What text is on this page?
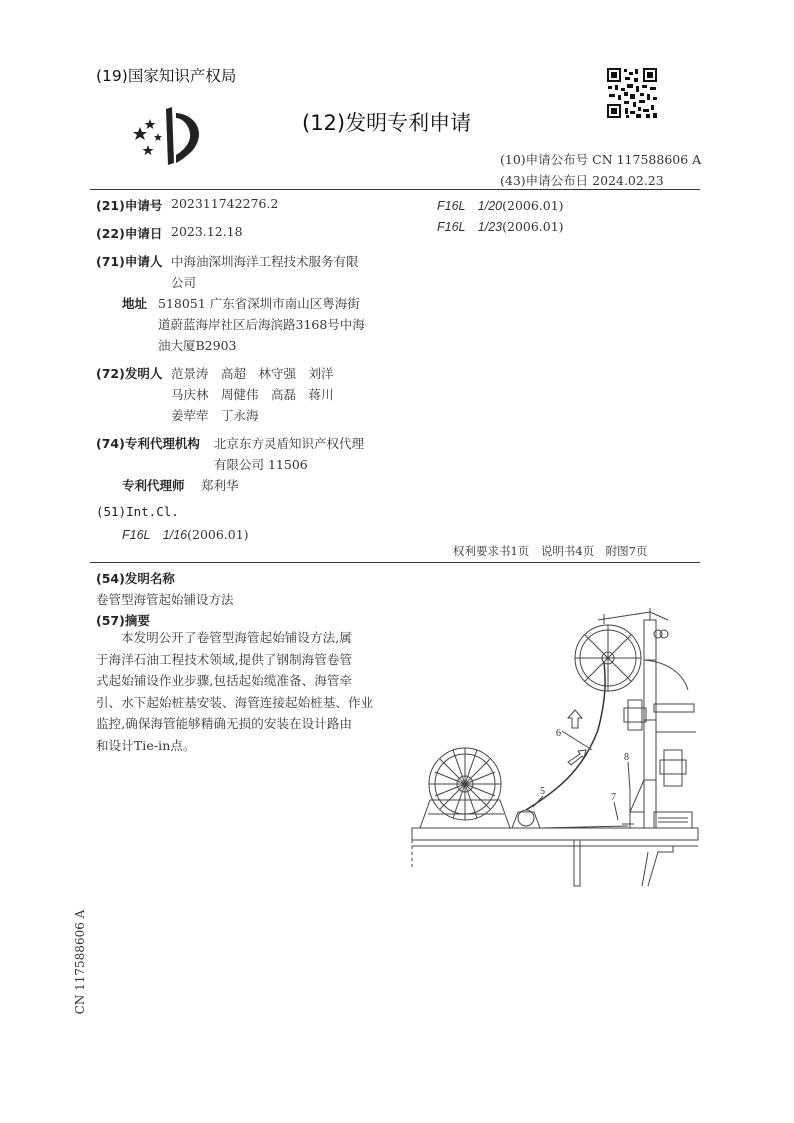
(19)国家知识产权局
(12)发明专利申请
(10)申请公布号 CN 117588606 A
(43)申请公布日 2024.02.23
(21)申请号 202311742276.2
(22)申请日 2023.12.18
(71)申请人 中海油深圳海洋工程技术服务有限
公司
地址 518051 广东省深圳市南山区粤海街
道蔚蓝海岸社区后海滨路3168号中海
油大厦B2903
(72)发明人 范景涛　高超　林守强　刘洋
马庆林　周健伟　高磊　蒋川
姜荦荦　丁永海
(74)专利代理机构 北京东方灵盾知识产权代理
有限公司 11506
专利代理师 郑利华
(51)Int.Cl.
F16L　1/16(2006.01)
F16L　1/20(2006.01)
F16L　1/23(2006.01)
权利要求书1页　说明书4页　附图7页
(54)发明名称
卷管型海管起始铺设方法
(57)摘要
本发明公开了卷管型海管起始铺设方法,属
于海洋石油工程技术领域,提供了钢制海管卷管
式起始铺设作业步骤,包括起始缆准备、海管牵
引、水下起始桩基安装、海管连接起始桩基、作业
监控,确保海管能够精确无损的安装在设计路由
和设计Tie-in点。
5
6
7
8
CN 117588606 A
